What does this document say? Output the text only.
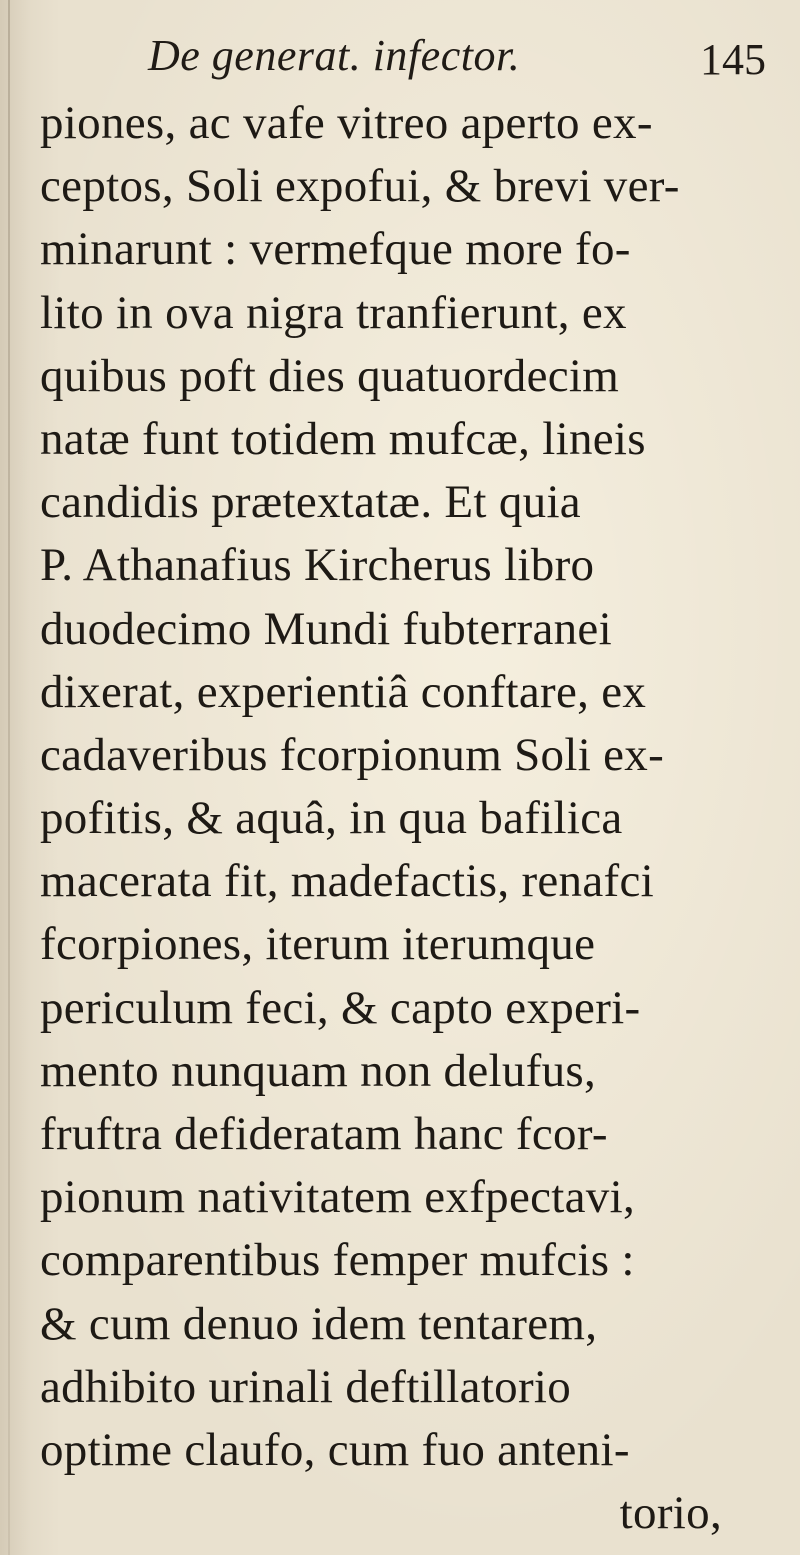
De generat. infector.	145
piones, ac vafe vitreo aperto ex-
ceptos, Soli expofui, & brevi ver-
minarunt : vermefque more fo-
lito in ova nigra tranfierunt, ex
quibus poft dies quatuordecim
natæ funt totidem mufcæ, lineis
candidis prætextatæ. Et quia
P. Athanafius Kircherus libro
duodecimo Mundi fubterranei
dixerat, experientiâ conftare, ex
cadaveribus fcorpionum Soli ex-
pofitis, & aquâ, in qua bafilica
macerata fit, madefactis, renafci
fcorpiones, iterum iterumque
periculum feci, & capto experi-
mento nunquam non delufus,
fruftra defideratam hanc fcor-
pionum nativitatem exfpectavi,
comparentibus femper mufcis :
& cum denuo idem tentarem,
adhibito urinali deftillatorio
optime claufo, cum fuo anteni-
torio,
